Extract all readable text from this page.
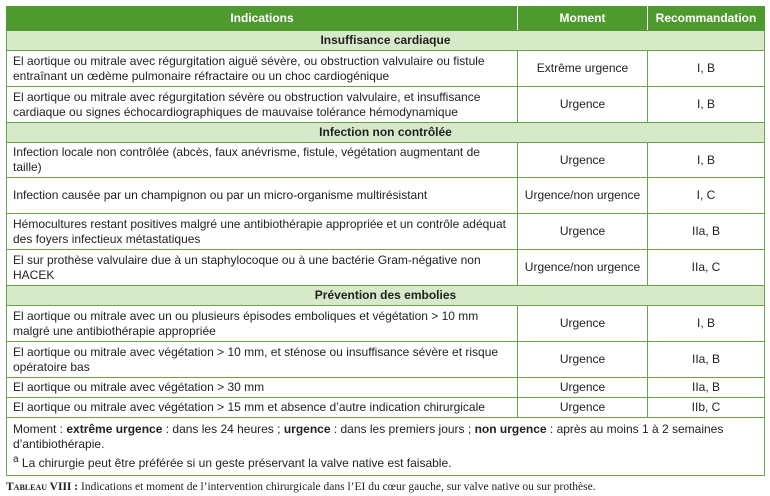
Indications	Moment	Recommandation
Insuffisance cardiaque		
El aortique ou mitrale avec régurgitation aiguë sévère, ou obstruction valvulaire ou fistule entraînant un œdème pulmonaire réfractaire ou un choc cardiogénique	Extrême urgence	I, B
El aortique ou mitrale avec régurgitation sévère ou obstruction valvulaire, et insuffisance cardiaque ou signes échocardiographiques de mauvaise tolérance hémodynamique	Urgence	I, B
Infection non contrôlée		
Infection locale non contrôlée (abcès, faux anévrisme, fistule, végétation augmentant de taille)	Urgence	I, B
Infection causée par un champignon ou par un micro-organisme multirésistant	Urgence/non urgence	I, C
Hémocultures restant positives malgré une antibiothérapie appropriée et un contrôle adéquat des foyers infectieux métastatiques	Urgence	IIa, B
El sur prothèse valvulaire due à un staphylocoque ou à une bactérie Gram-négative non HACEK	Urgence/non urgence	IIa, C
Prévention des embolies		
El aortique ou mitrale avec un ou plusieurs épisodes emboliques et végétation > 10 mm malgré une antibiothérapie appropriée	Urgence	I, B
El aortique ou mitrale avec végétation > 10 mm, et sténose ou insuffisance sévère et risque opératoire bas	Urgence	IIa, B
El aortique ou mitrale avec végétation > 30 mm	Urgence	IIa, B
El aortique ou mitrale avec végétation > 15 mm et absence d’autre indication chirurgicale	Urgence	IIb, C
Moment : extrême urgence : dans les 24 heures ; urgence : dans les premiers jours ; non urgence : après au moins 1 à 2 semaines d’antibiothérapie.
$^a$ La chirurgie peut être préférée si un geste préservant la valve native est faisable.		
Tableau VIII : Indications et moment de l’intervention chirurgicale dans l’EI du cœur gauche, sur valve native ou sur prothèse.
